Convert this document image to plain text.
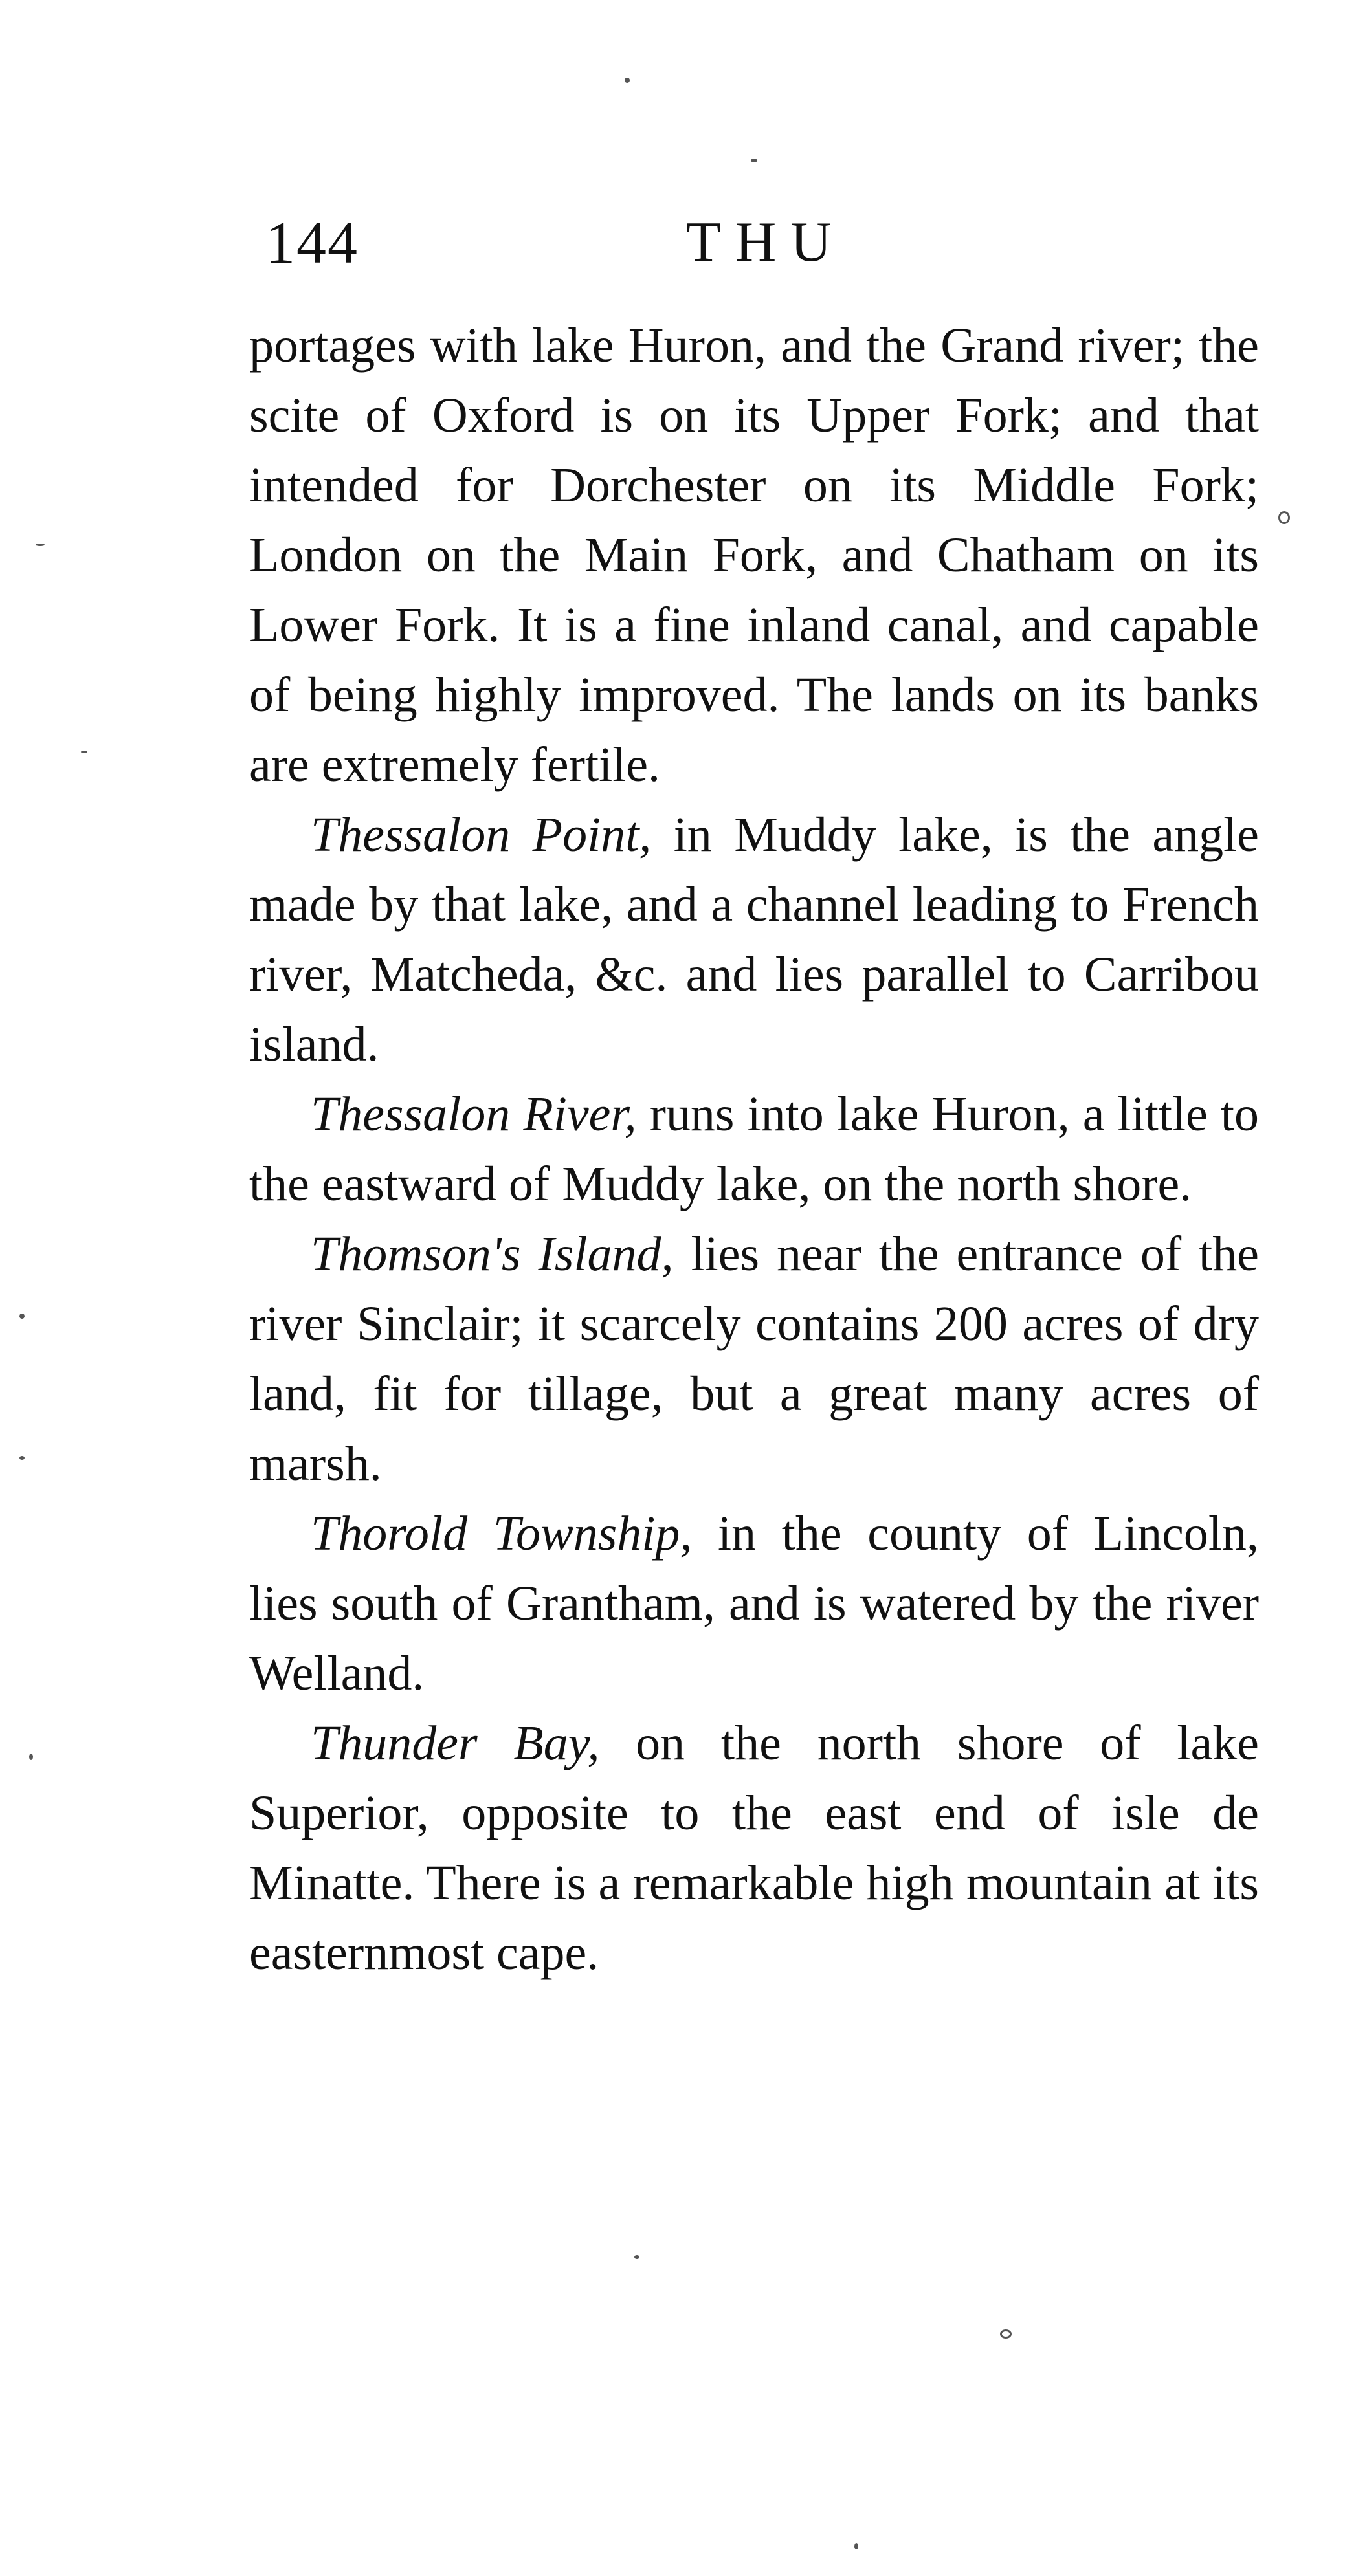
144	THU

portages with lake Huron, and the Grand river; the scite of Oxford is on its Upper Fork; and that intended for Dorchester on its Middle Fork; London on the Main Fork, and Chatham on its Lower Fork. It is a fine inland canal, and capable of being highly improved. The lands on its banks are extremely fertile.

Thessalon Point, in Muddy lake, is the angle made by that lake, and a channel leading to French river, Matcheda, &c. and lies parallel to Carribou island.

Thessalon River, runs into lake Huron, a little to the eastward of Muddy lake, on the north shore.

Thomson's Island, lies near the entrance of the river Sinclair; it scarcely contains 200 acres of dry land, fit for tillage, but a great many acres of marsh.

Thorold Township, in the county of Lincoln, lies south of Grantham, and is watered by the river Welland.

Thunder Bay, on the north shore of lake Superior, opposite to the east end of isle de Minatte. There is a remarkable high mountain at its easternmost cape.
